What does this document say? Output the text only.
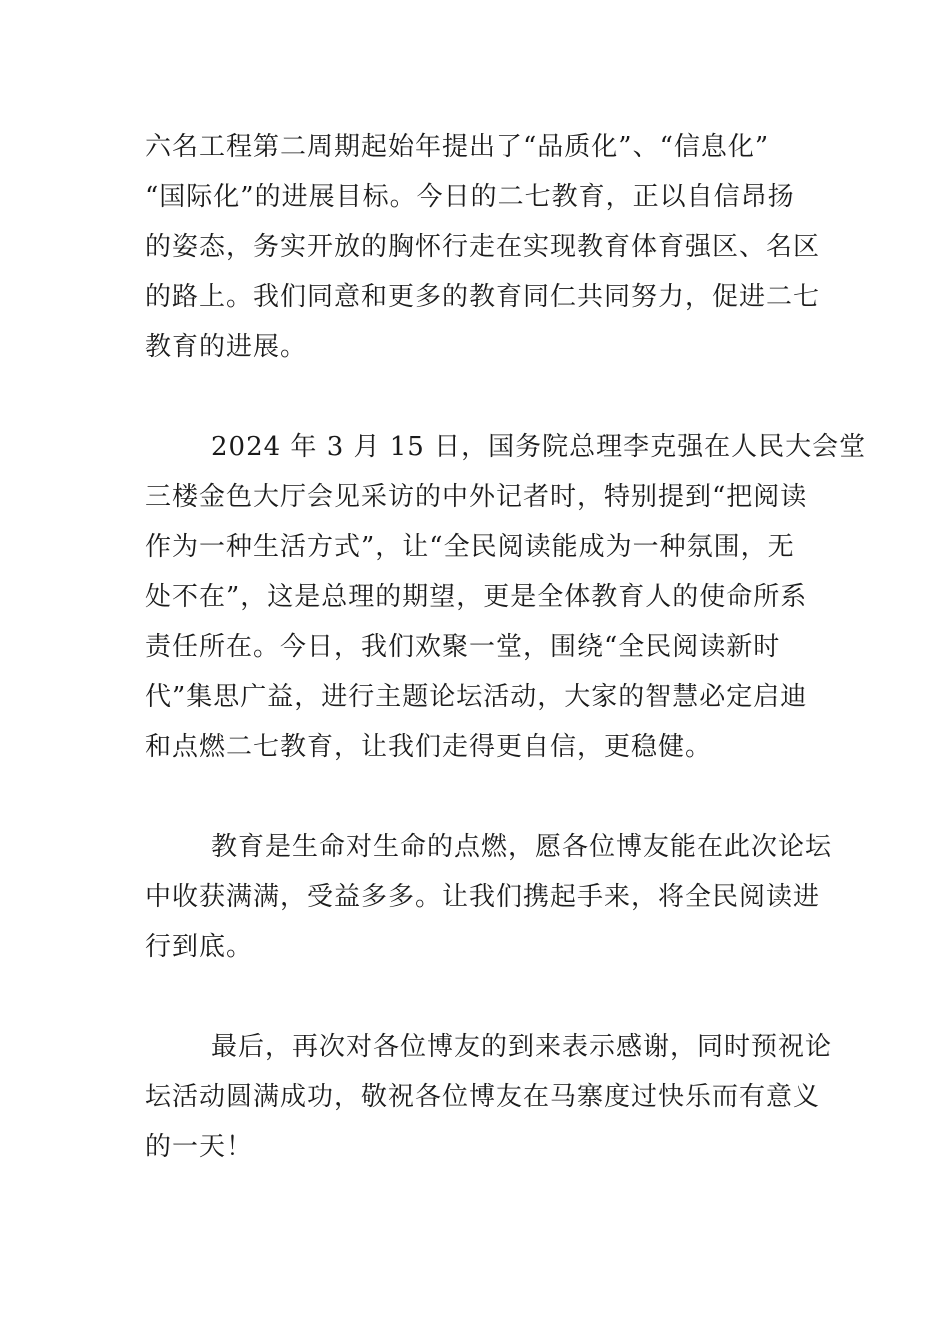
六名工程第二周期起始年提出了“品质化”、“信息化”
“国际化”的进展目标。今日的二七教育，正以自信昂扬
的姿态，务实开放的胸怀行走在实现教育体育强区、名区
的路上。我们同意和更多的教育同仁共同努力，促进二七
教育的进展。
2024 年 3 月 15 日，国务院总理李克强在人民大会堂
三楼金色大厅会见采访的中外记者时，特别提到“把阅读
作为一种生活方式”，让“全民阅读能成为一种氛围，无
处不在”，这是总理的期望，更是全体教育人的使命所系
责任所在。今日，我们欢聚一堂，围绕“全民阅读新时
代”集思广益，进行主题论坛活动，大家的智慧必定启迪
和点燃二七教育，让我们走得更自信，更稳健。
教育是生命对生命的点燃，愿各位博友能在此次论坛
中收获满满，受益多多。让我们携起手来，将全民阅读进
行到底。
最后，再次对各位博友的到来表示感谢，同时预祝论
坛活动圆满成功，敬祝各位博友在马寨度过快乐而有意义
的一天！
